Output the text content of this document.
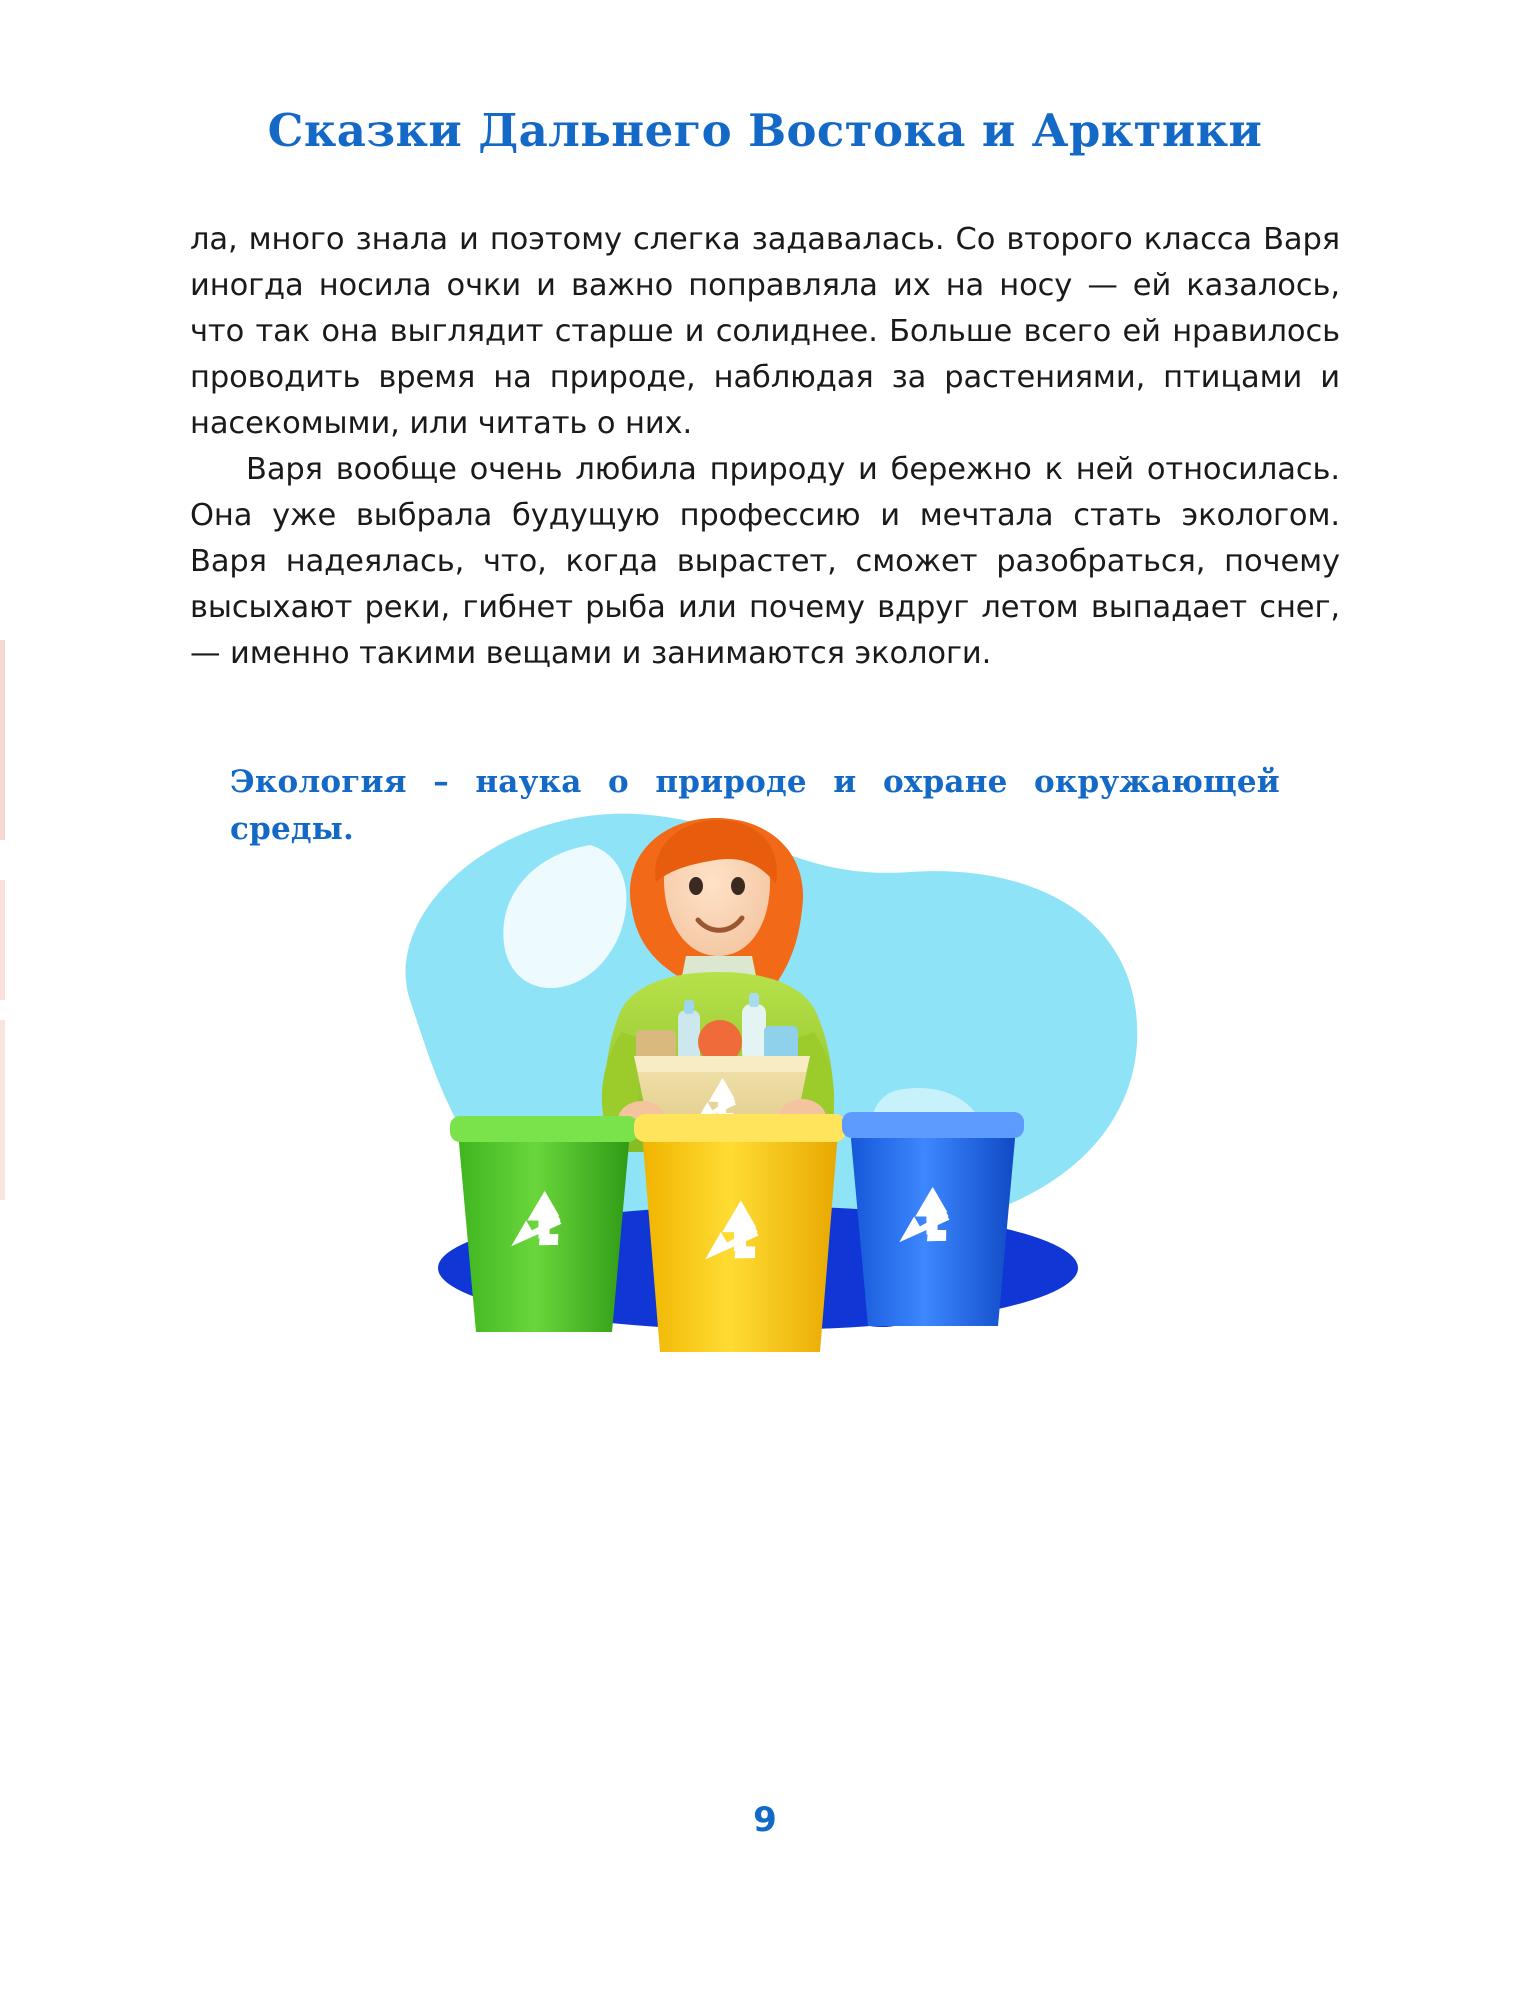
Сказки Дальнего Востока и Арктики

ла, много знала и поэтому слегка задавалась. Со второго класса Варя иногда носила очки и важно поправляла их на носу — ей казалось, что так она выглядит старше и солиднее. Больше всего ей нравилось проводить время на природе, наблюдая за растениями, птицами и насекомыми, или читать о них.

Варя вообще очень любила природу и бережно к ней относилась. Она уже выбрала будущую профессию и мечтала стать экологом. Варя надеялась, что, когда вырастет, сможет разобраться, почему высыхают реки, гибнет рыба или почему вдруг летом выпадает снег, — именно такими вещами и занимаются экологи.

Экология – наука о природе и охране окружающей среды.

9
